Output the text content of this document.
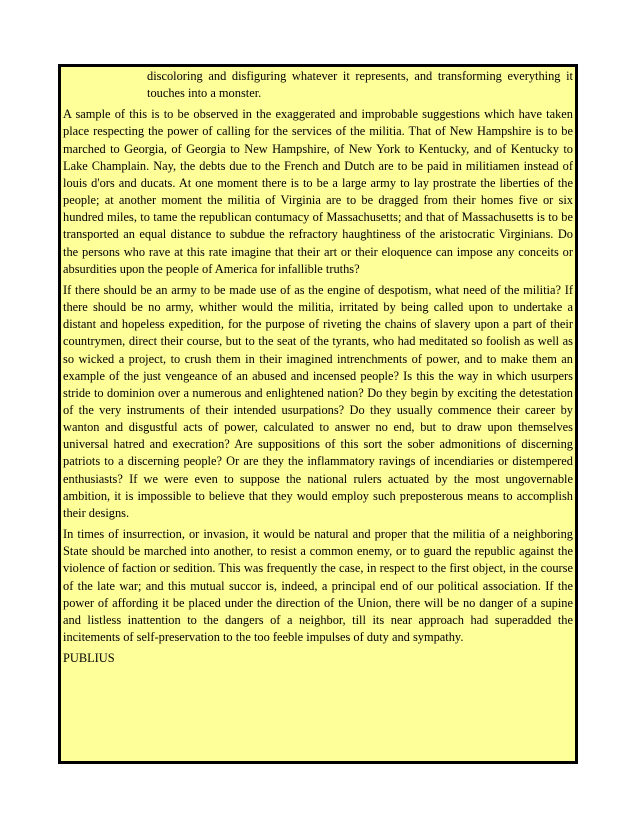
discoloring and disfiguring whatever it represents, and transforming everything it touches into a monster.

A sample of this is to be observed in the exaggerated and improbable suggestions which have taken place respecting the power of calling for the services of the militia. That of New Hampshire is to be marched to Georgia, of Georgia to New Hampshire, of New York to Kentucky, and of Kentucky to Lake Champlain. Nay, the debts due to the French and Dutch are to be paid in militiamen instead of louis d'ors and ducats. At one moment there is to be a large army to lay prostrate the liberties of the people; at another moment the militia of Virginia are to be dragged from their homes five or six hundred miles, to tame the republican contumacy of Massachusetts; and that of Massachusetts is to be transported an equal distance to subdue the refractory haughtiness of the aristocratic Virginians. Do the persons who rave at this rate imagine that their art or their eloquence can impose any conceits or absurdities upon the people of America for infallible truths?

If there should be an army to be made use of as the engine of despotism, what need of the militia? If there should be no army, whither would the militia, irritated by being called upon to undertake a distant and hopeless expedition, for the purpose of riveting the chains of slavery upon a part of their countrymen, direct their course, but to the seat of the tyrants, who had meditated so foolish as well as so wicked a project, to crush them in their imagined intrenchments of power, and to make them an example of the just vengeance of an abused and incensed people? Is this the way in which usurpers stride to dominion over a numerous and enlightened nation? Do they begin by exciting the detestation of the very instruments of their intended usurpations? Do they usually commence their career by wanton and disgustful acts of power, calculated to answer no end, but to draw upon themselves universal hatred and execration? Are suppositions of this sort the sober admonitions of discerning patriots to a discerning people? Or are they the inflammatory ravings of incendiaries or distempered enthusiasts? If we were even to suppose the national rulers actuated by the most ungovernable ambition, it is impossible to believe that they would employ such preposterous means to accomplish their designs.

In times of insurrection, or invasion, it would be natural and proper that the militia of a neighboring State should be marched into another, to resist a common enemy, or to guard the republic against the violence of faction or sedition. This was frequently the case, in respect to the first object, in the course of the late war; and this mutual succor is, indeed, a principal end of our political association. If the power of affording it be placed under the direction of the Union, there will be no danger of a supine and listless inattention to the dangers of a neighbor, till its near approach had superadded the incitements of self-preservation to the too feeble impulses of duty and sympathy.

PUBLIUS
